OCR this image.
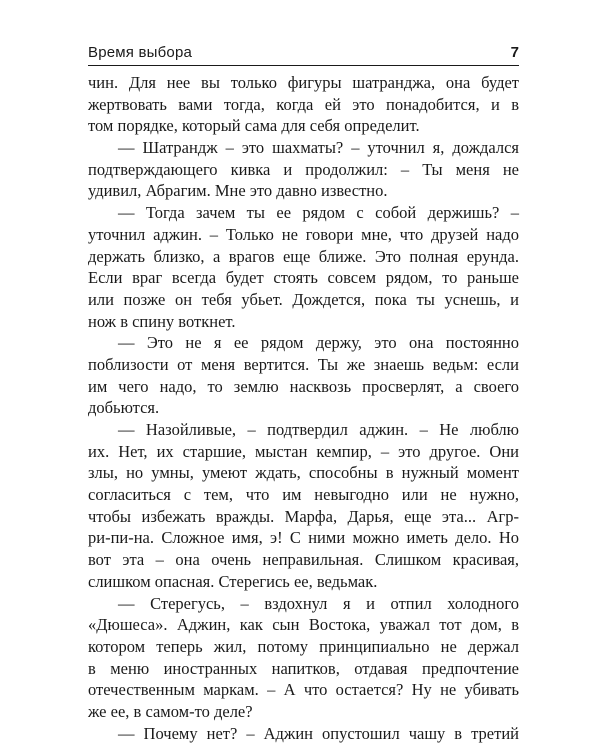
Время выбора	7
чин. Для нее вы только фигуры шатранджа, она будет
жертвовать вами тогда, когда ей это понадобится, и в
том порядке, который сама для себя определит.
— Шатрандж – это шахматы? – уточнил я, дождался
подтверждающего кивка и продолжил: – Ты меня не
удивил, Абрагим. Мне это давно известно.
— Тогда зачем ты ее рядом с собой держишь? –
уточнил аджин. – Только не говори мне, что друзей надо
держать близко, а врагов еще ближе. Это полная ерунда.
Если враг всегда будет стоять совсем рядом, то раньше
или позже он тебя убьет. Дождется, пока ты уснешь, и
нож в спину воткнет.
— Это не я ее рядом держу, это она постоянно
поблизости от меня вертится. Ты же знаешь ведьм: если
им чего надо, то землю насквозь просверлят, а своего
добьются.
— Назойливые, – подтвердил аджин. – Не люблю
их. Нет, их старшие, мыстан кемпир, – это другое. Они
злы, но умны, умеют ждать, способны в нужный момент
согласиться с тем, что им невыгодно или не нужно,
чтобы избежать вражды. Марфа, Дарья, еще эта... Агр-
ри-пи-на. Сложное имя, э! С ними можно иметь дело. Но
вот эта – она очень неправильная. Слишком красивая,
слишком опасная. Стерегись ее, ведьмак.
— Стерегусь, – вздохнул я и отпил холодного
«Дюшеса». Аджин, как сын Востока, уважал тот дом, в
котором теперь жил, потому принципиально не держал
в меню иностранных напитков, отдавая предпочтение
отечественным маркам. – А что остается? Ну не убивать
же ее, в самом-то деле?
— Почему нет? – Аджин опустошил чашу в третий
